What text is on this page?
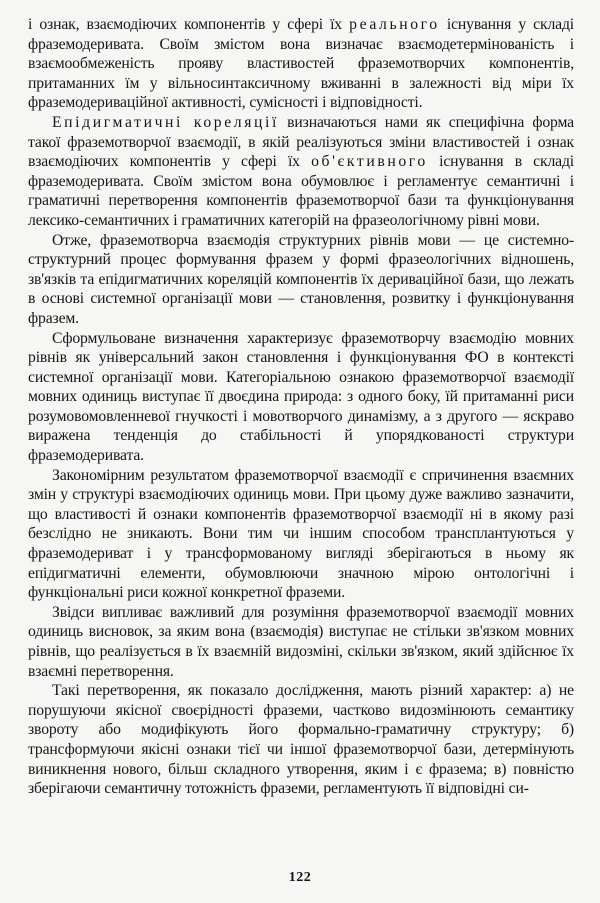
і ознак, взаємодіючих компонентів у сфері їх реального існування у складі фраземодеривата. Своїм змістом вона визначає взаємодетермінованість і взаємообмеженість прояву властивостей фраземотворчих компонентів, притаманних їм у вільносинтаксичному вживанні в залежності від міри їх фраземодериваційної активності, сумісності і відповідності.

Епідигматичні кореляції визначаються нами як специфічна форма такої фраземотворчої взаємодії, в якій реалізуються зміни властивостей і ознак взаємодіючих компонентів у сфері їх об'єктивного існування в складі фраземодеривата. Своїм змістом вона обумовлює і регламентує семантичні і граматичні перетворення компонентів фраземотворчої бази та функціонування лексико-семантичних і граматичних категорій на фразеологічному рівні мови.

Отже, фраземотворча взаємодія структурних рівнів мови — це системно-структурний процес формування фразем у формі фразеологічних відношень, зв'язків та епідигматичних кореляцій компонентів їх дериваційної бази, що лежать в основі системної організації мови — становлення, розвитку і функціонування фразем.

Сформульоване визначення характеризує фраземотворчу взаємодію мовних рівнів як універсальний закон становлення і функціонування ФО в контексті системної організації мови. Категоріальною ознакою фраземотворчої взаємодії мовних одиниць виступає її двоєдина природа: з одного боку, їй притаманні риси розумовомовленневої гнучкості і мовотворчого динамізму, а з другого — яскраво виражена тенденція до стабільності й упорядкованості структури фраземодеривата.

Закономірним результатом фраземотворчої взаємодії є спричинення взаємних змін у структурі взаємодіючих одиниць мови. При цьому дуже важливо зазначити, що властивості й ознаки компонентів фраземотворчої взаємодії ні в якому разі безслідно не зникають. Вони тим чи іншим способом трансплантуються у фраземодериват і у трансформованому вигляді зберігаються в ньому як епідигматичні елементи, обумовлюючи значною мірою онтологічні і функціональні риси кожної конкретної фраземи.

Звідси випливає важливий для розуміння фраземотворчої взаємодії мовних одиниць висновок, за яким вона (взаємодія) виступає не стільки зв'язком мовних рівнів, що реалізується в їх взаємній видозміні, скільки зв'язком, який здійснює їх взаємні перетворення.

Такі перетворення, як показало дослідження, мають різний характер: а) не порушуючи якісної своєрідності фраземи, частково видозмінюють семантику звороту або модифікують його формально-граматичну структуру; б) трансформуючи якісні ознаки тієї чи іншої фраземотворчої бази, детермінують виникнення нового, більш складного утворення, яким і є фразема; в) повністю зберігаючи семантичну тотожність фраземи, регламентують її відповідні си-

122
